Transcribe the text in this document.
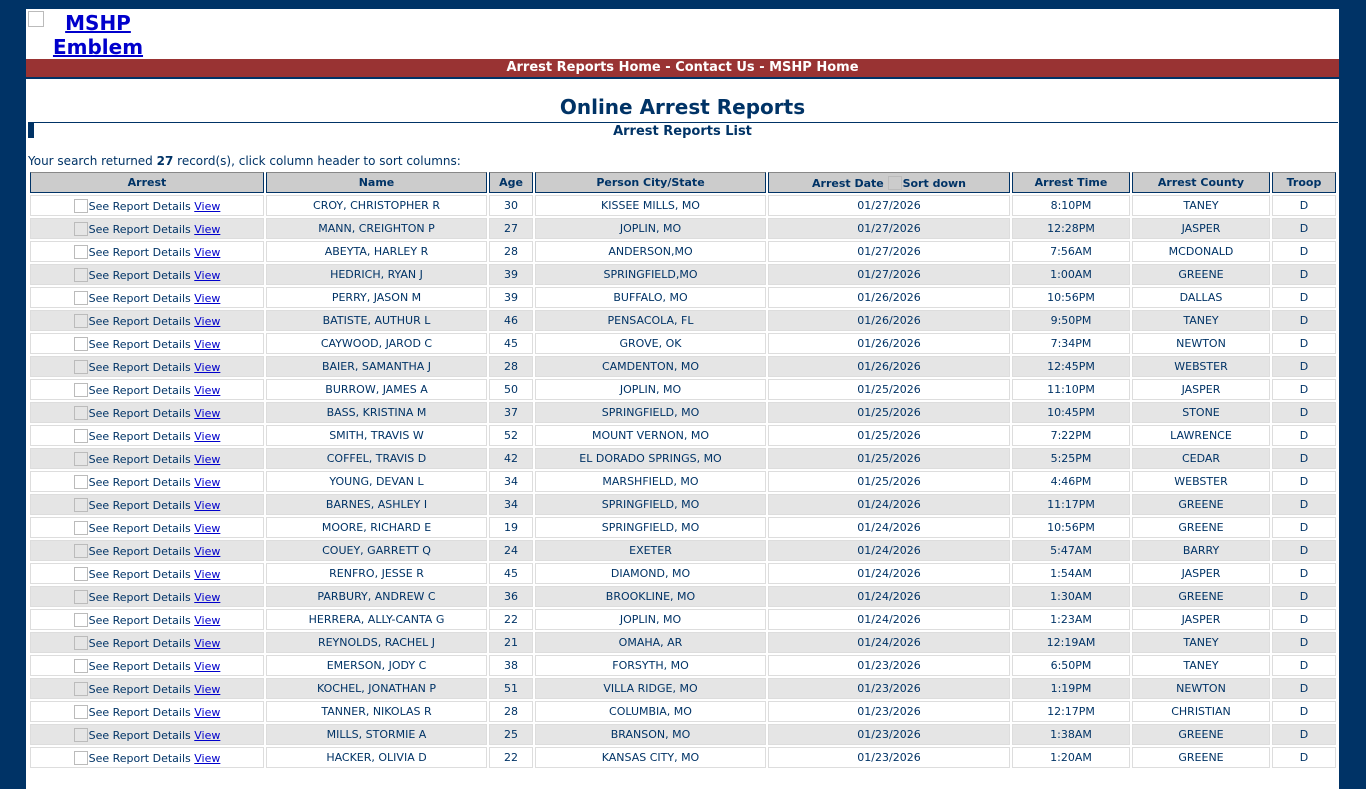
MSHP Emblem
Arrest Reports Home - Contact Us - MSHP Home
Online Arrest Reports
Arrest Reports List
Your search returned 27 record(s), click column header to sort columns:
Arrest	Name	Age	Person City/State	Arrest Date Sort down	Arrest Time	Arrest County	Troop
See Report Details View	CROY, CHRISTOPHER R	30	KISSEE MILLS, MO	01/27/2026	8:10PM	TANEY	D
See Report Details View	MANN, CREIGHTON P	27	JOPLIN, MO	01/27/2026	12:28PM	JASPER	D
See Report Details View	ABEYTA, HARLEY R	28	ANDERSON,MO	01/27/2026	7:56AM	MCDONALD	D
See Report Details View	HEDRICH, RYAN J	39	SPRINGFIELD,MO	01/27/2026	1:00AM	GREENE	D
See Report Details View	PERRY, JASON M	39	BUFFALO, MO	01/26/2026	10:56PM	DALLAS	D
See Report Details View	BATISTE, AUTHUR L	46	PENSACOLA, FL	01/26/2026	9:50PM	TANEY	D
See Report Details View	CAYWOOD, JAROD C	45	GROVE, OK	01/26/2026	7:34PM	NEWTON	D
See Report Details View	BAIER, SAMANTHA J	28	CAMDENTON, MO	01/26/2026	12:45PM	WEBSTER	D
See Report Details View	BURROW, JAMES A	50	JOPLIN, MO	01/25/2026	11:10PM	JASPER	D
See Report Details View	BASS, KRISTINA M	37	SPRINGFIELD, MO	01/25/2026	10:45PM	STONE	D
See Report Details View	SMITH, TRAVIS W	52	MOUNT VERNON, MO	01/25/2026	7:22PM	LAWRENCE	D
See Report Details View	COFFEL, TRAVIS D	42	EL DORADO SPRINGS, MO	01/25/2026	5:25PM	CEDAR	D
See Report Details View	YOUNG, DEVAN L	34	MARSHFIELD, MO	01/25/2026	4:46PM	WEBSTER	D
See Report Details View	BARNES, ASHLEY I	34	SPRINGFIELD, MO	01/24/2026	11:17PM	GREENE	D
See Report Details View	MOORE, RICHARD E	19	SPRINGFIELD, MO	01/24/2026	10:56PM	GREENE	D
See Report Details View	COUEY, GARRETT Q	24	EXETER	01/24/2026	5:47AM	BARRY	D
See Report Details View	RENFRO, JESSE R	45	DIAMOND, MO	01/24/2026	1:54AM	JASPER	D
See Report Details View	PARBURY, ANDREW C	36	BROOKLINE, MO	01/24/2026	1:30AM	GREENE	D
See Report Details View	HERRERA, ALLY-CANTA G	22	JOPLIN, MO	01/24/2026	1:23AM	JASPER	D
See Report Details View	REYNOLDS, RACHEL J	21	OMAHA, AR	01/24/2026	12:19AM	TANEY	D
See Report Details View	EMERSON, JODY C	38	FORSYTH, MO	01/23/2026	6:50PM	TANEY	D
See Report Details View	KOCHEL, JONATHAN P	51	VILLA RIDGE, MO	01/23/2026	1:19PM	NEWTON	D
See Report Details View	TANNER, NIKOLAS R	28	COLUMBIA, MO	01/23/2026	12:17PM	CHRISTIAN	D
See Report Details View	MILLS, STORMIE A	25	BRANSON, MO	01/23/2026	1:38AM	GREENE	D
See Report Details View	HACKER, OLIVIA D	22	KANSAS CITY, MO	01/23/2026	1:20AM	GREENE	D
